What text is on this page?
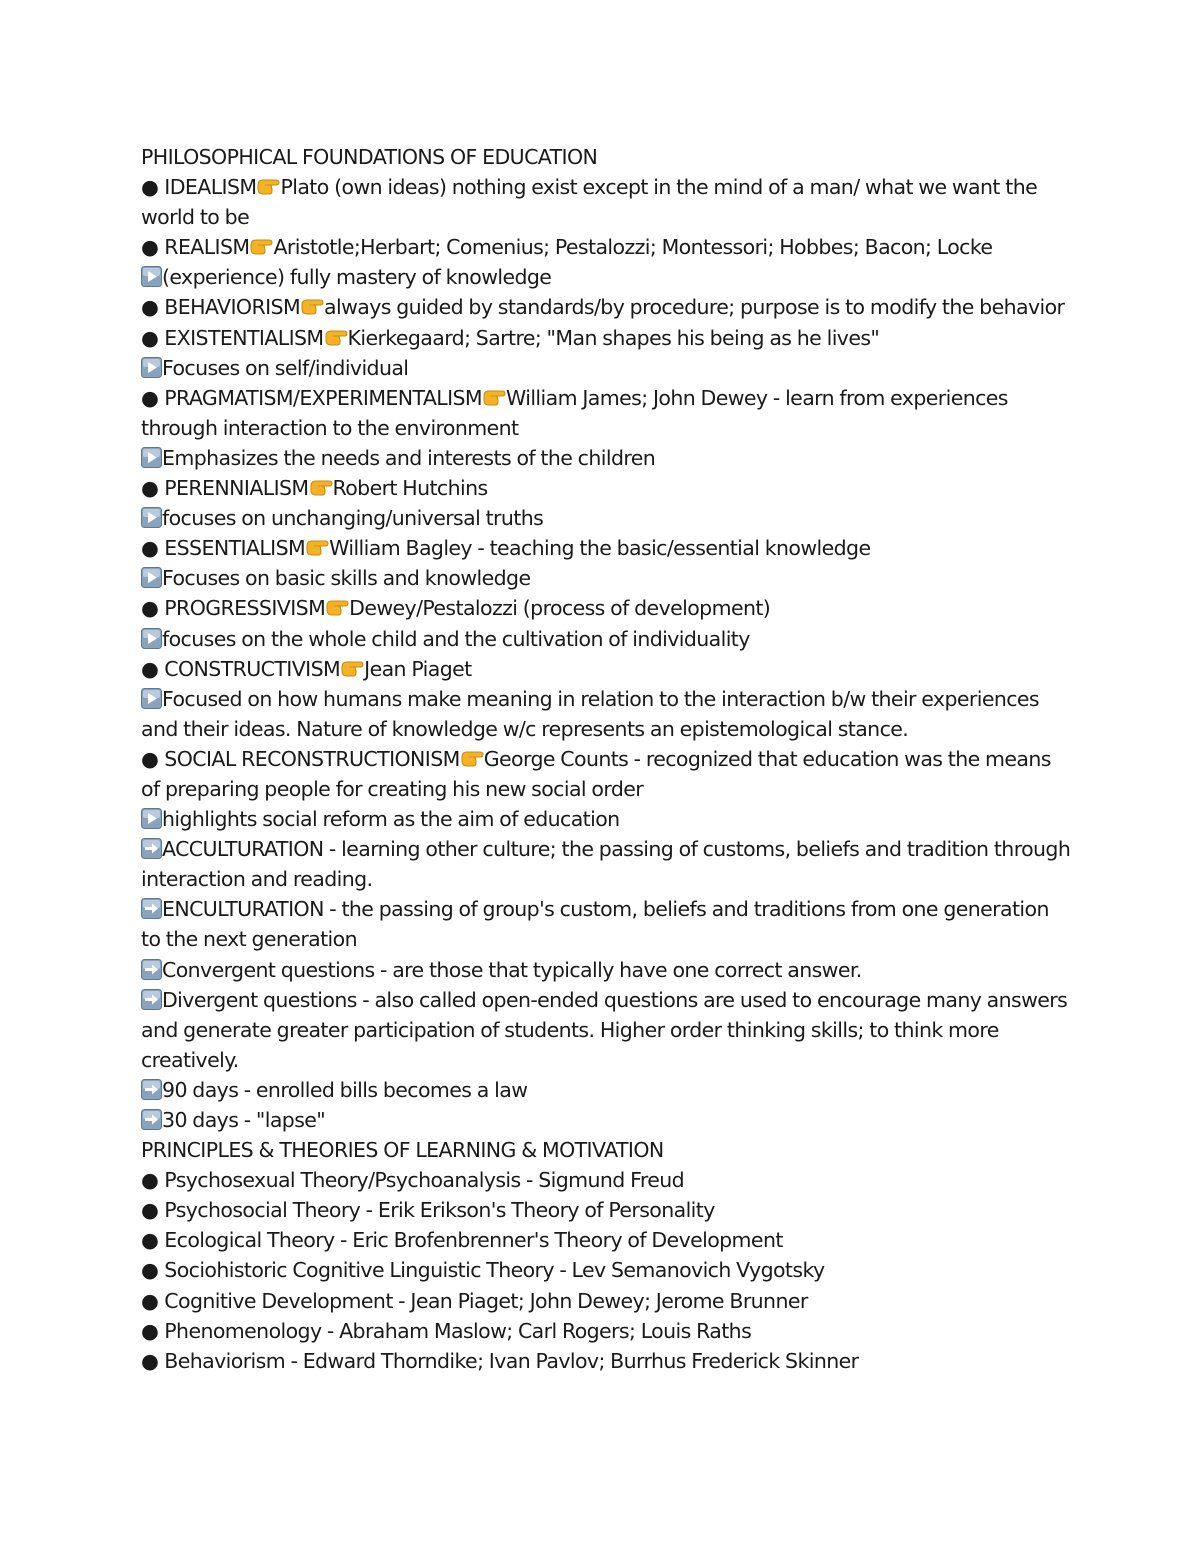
PHILOSOPHICAL FOUNDATIONS OF EDUCATION
● IDEALISM Plato (own ideas) nothing exist except in the mind of a man/ what we want the world to be
● REALISM Aristotle;Herbart; Comenius; Pestalozzi; Montessori; Hobbes; Bacon; Locke
(experience) fully mastery of knowledge
● BEHAVIORISM always guided by standards/by procedure; purpose is to modify the behavior
● EXISTENTIALISM Kierkegaard; Sartre; "Man shapes his being as he lives"
Focuses on self/individual
● PRAGMATISM/EXPERIMENTALISM William James; John Dewey - learn from experiences through interaction to the environment
Emphasizes the needs and interests of the children
● PERENNIALISM Robert Hutchins
focuses on unchanging/universal truths
● ESSENTIALISM William Bagley - teaching the basic/essential knowledge
Focuses on basic skills and knowledge
● PROGRESSIVISM Dewey/Pestalozzi (process of development)
focuses on the whole child and the cultivation of individuality
● CONSTRUCTIVISM Jean Piaget
Focused on how humans make meaning in relation to the interaction b/w their experiences and their ideas. Nature of knowledge w/c represents an epistemological stance.
● SOCIAL RECONSTRUCTIONISM George Counts - recognized that education was the means of preparing people for creating his new social order
highlights social reform as the aim of education
ACCULTURATION - learning other culture; the passing of customs, beliefs and tradition through interaction and reading.
ENCULTURATION - the passing of group's custom, beliefs and traditions from one generation to the next generation
Convergent questions - are those that typically have one correct answer.
Divergent questions - also called open-ended questions are used to encourage many answers and generate greater participation of students. Higher order thinking skills; to think more creatively.
90 days - enrolled bills becomes a law
30 days - "lapse"
PRINCIPLES & THEORIES OF LEARNING & MOTIVATION
● Psychosexual Theory/Psychoanalysis - Sigmund Freud
● Psychosocial Theory - Erik Erikson's Theory of Personality
● Ecological Theory - Eric Brofenbrenner's Theory of Development
● Sociohistoric Cognitive Linguistic Theory - Lev Semanovich Vygotsky
● Cognitive Development - Jean Piaget; John Dewey; Jerome Brunner
● Phenomenology - Abraham Maslow; Carl Rogers; Louis Raths
● Behaviorism - Edward Thorndike; Ivan Pavlov; Burrhus Frederick Skinner
